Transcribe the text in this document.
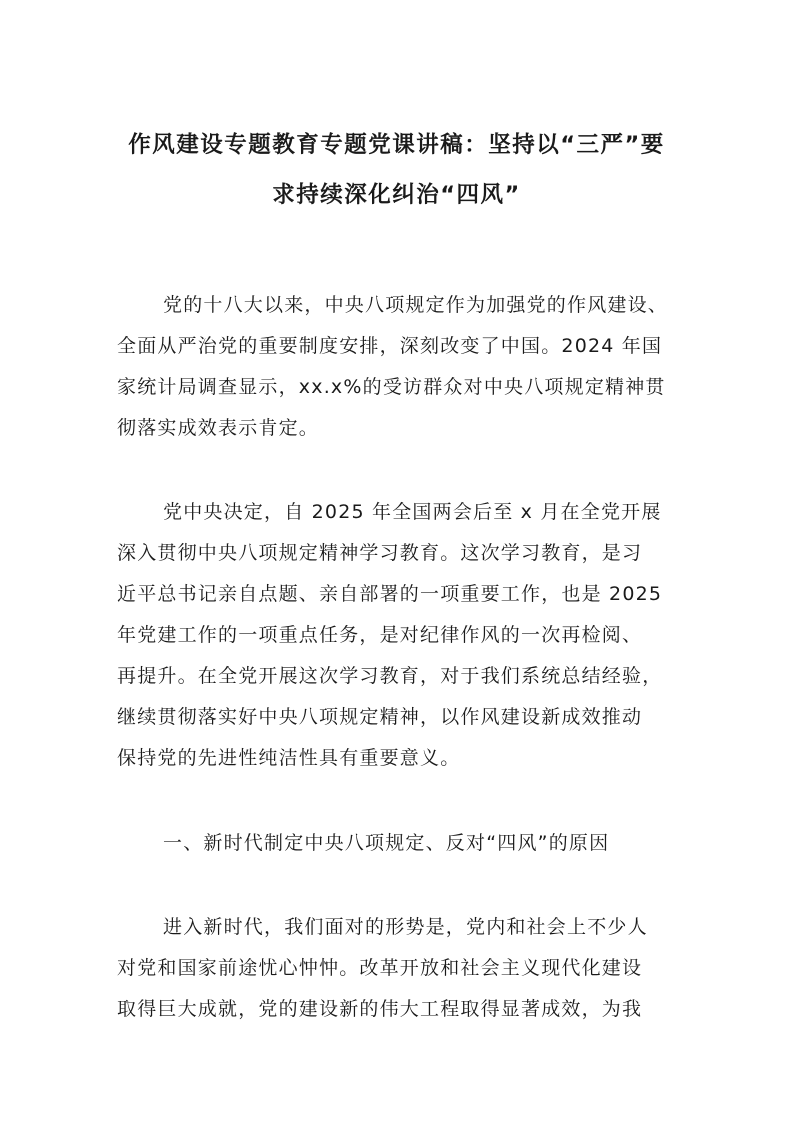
作风建设专题教育专题党课讲稿：坚持以“三严”要
求持续深化纠治“四风”
党的十八大以来，中央八项规定作为加强党的作风建设、
全面从严治党的重要制度安排，深刻改变了中国。2024 年国
家统计局调查显示，xx.x%的受访群众对中央八项规定精神贯
彻落实成效表示肯定。
党中央决定，自 2025 年全国两会后至 x 月在全党开展
深入贯彻中央八项规定精神学习教育。这次学习教育，是习
近平总书记亲自点题、亲自部署的一项重要工作，也是 2025
年党建工作的一项重点任务，是对纪律作风的一次再检阅、
再提升。在全党开展这次学习教育，对于我们系统总结经验，
继续贯彻落实好中央八项规定精神，以作风建设新成效推动
保持党的先进性纯洁性具有重要意义。
一、新时代制定中央八项规定、反对“四风”的原因
进入新时代，我们面对的形势是，党内和社会上不少人
对党和国家前途忧心忡忡。改革开放和社会主义现代化建设
取得巨大成就，党的建设新的伟大工程取得显著成效，为我
